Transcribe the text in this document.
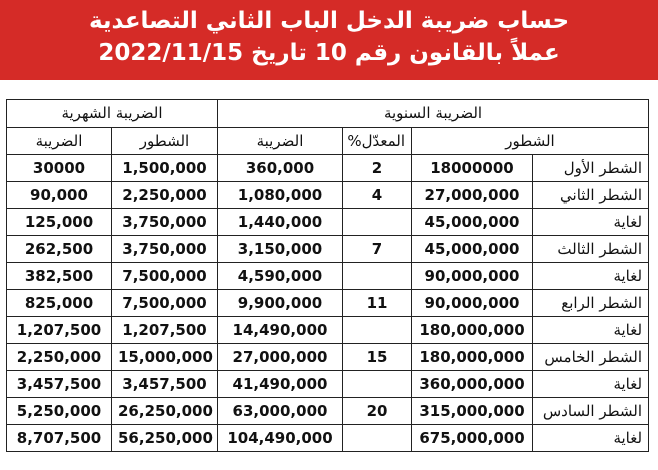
حساب ضريبة الدخل الباب الثاني التصاعدية
عملاً بالقانون رقم 10 تاريخ 2022/11/15
الضريبة الشهرية		الضريبة السنوية			
الضريبة	الشطور	الضريبة	المعدّل%	الشطور	
30000	1,500,000	360,000	2	18000000	الشطر الأول
90,000	2,250,000	1,080,000	4	27,000,000	الشطر الثاني
125,000	3,750,000	1,440,000		45,000,000	لغاية
262,500	3,750,000	3,150,000	7	45,000,000	الشطر الثالث
382,500	7,500,000	4,590,000		90,000,000	لغاية
825,000	7,500,000	9,900,000	11	90,000,000	الشطر الرابع
1,207,500	1,207,500	14,490,000		180,000,000	لغاية
2,250,000	15,000,000	27,000,000	15	180,000,000	الشطر الخامس
3,457,500	3,457,500	41,490,000		360,000,000	لغاية
5,250,000	26,250,000	63,000,000	20	315,000,000	الشطر السادس
8,707,500	56,250,000	104,490,000		675,000,000	لغاية
